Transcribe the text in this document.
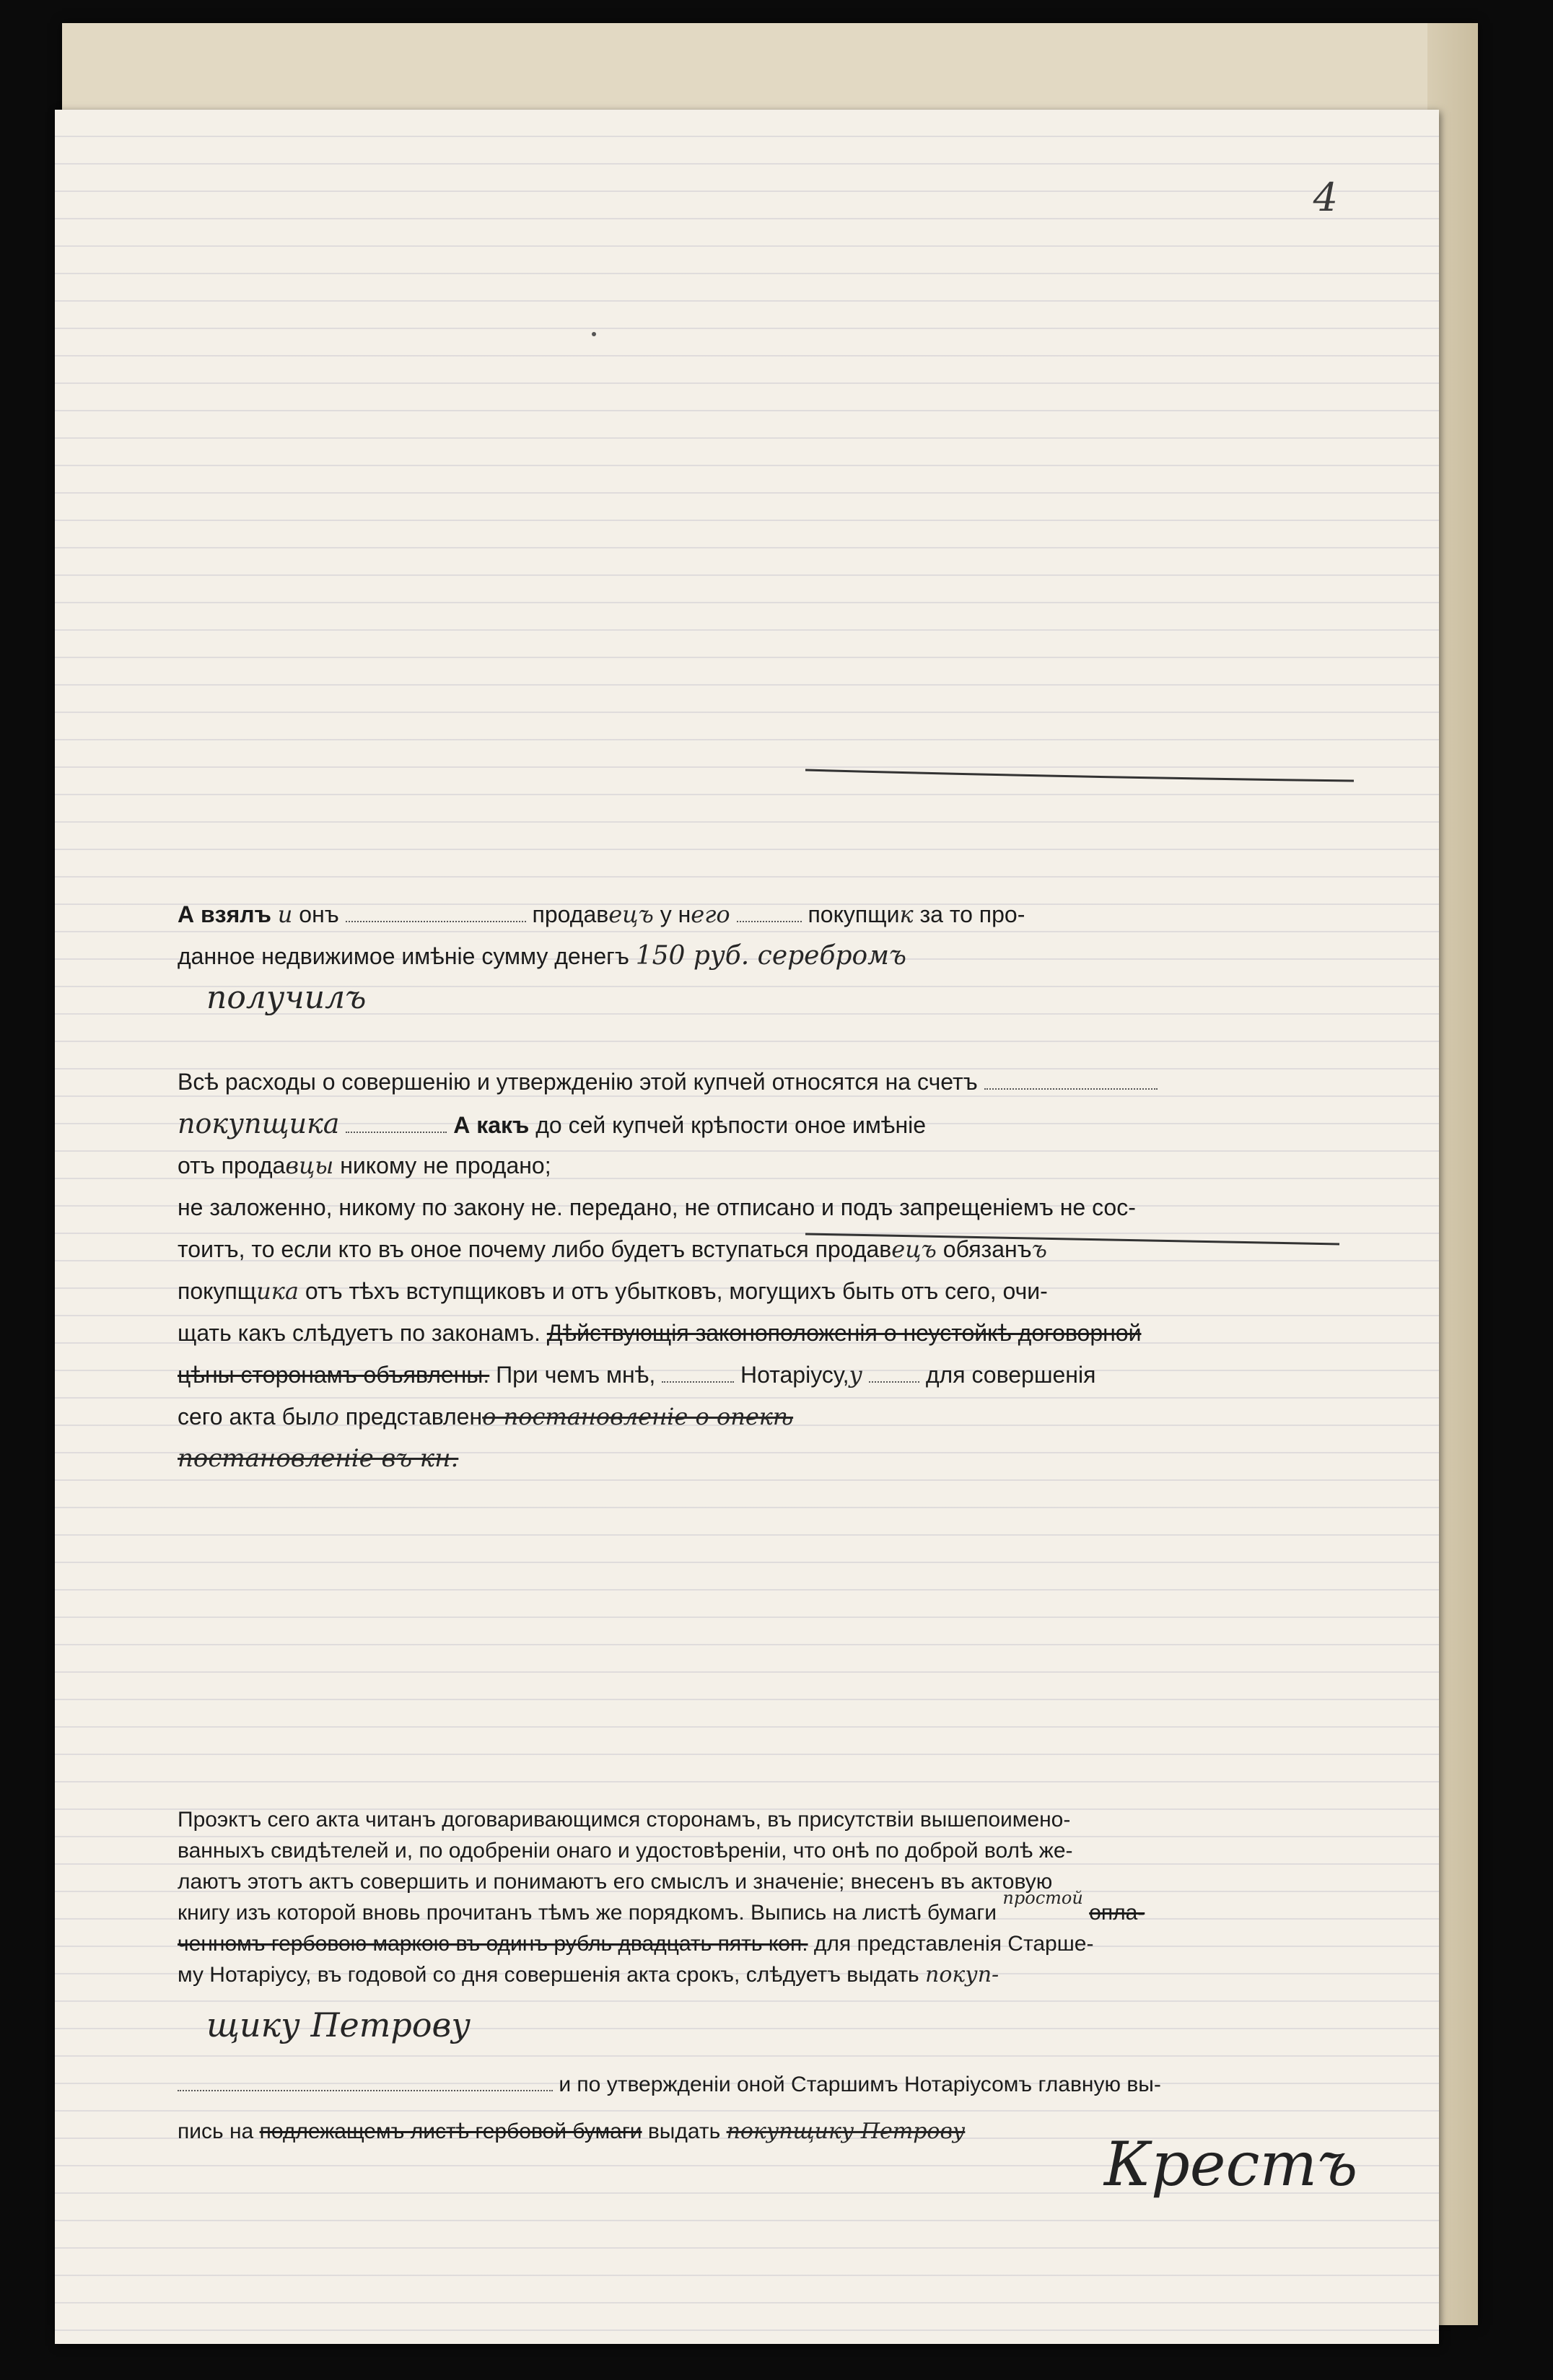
4
А взялъ и онъ	продавецъ у него	покупщик за то про-
данное недвижимое имѣніе сумму денегъ 150 руб. серебромъ
получилъ
Всѣ расходы о совершенію и утвержденію этой купчей относятся на счетъ
покупщика	А какъ до сей купчей крѣпости оное имѣніе
отъ продавцы никому не продано;
не заложенно, никому по закону не. передано, не отписано и подъ запрещеніемъ не сос-
тоитъ, то если кто въ оное почему либо будетъ вступаться продавецъ обязанъъ
покупщика отъ тѣхъ вступщиковъ и отъ убытковъ, могущихъ быть отъ сего, очи-
щать какъ слѣдуетъ по законамъ. Дѣйствующія законоположенія о неустойкѣ договорной
цѣны сторонамъ объявлены. При чемъ мнѣ,	Нотаріусу,у	для совершенія
сего акта было представлено постановленіе о опекѣ
постановленіе въ кн.
Проэктъ сего акта читанъ договаривающимся сторонамъ, въ присутствіи вышепоимено-
ванныхъ свидѣтелей и, по одобреніи онаго и удостовѣреніи, что онѣ по доброй волѣ же-
лаютъ этотъ актъ совершить и понимаютъ его смыслъ и значеніе; внесенъ въ актовую
книгу изъ которой вновь прочитанъ тѣмъ же порядкомъ. Выпись на листѣ бумаги $^{простой}$ опла-
ченномъ гербовою маркою въ одинъ рубль двадцать пять коп. для представленія Старше-
му Нотаріусу, въ годовой со дня совершенія акта срокъ, слѣдуетъ выдать покуп-
щику Петрову
и по утвержденіи оной Старшимъ Нотаріусомъ главную вы-
пись на подлежащемъ листѣ гербовой бумаги выдать покупщику Петрову	Крестъ
